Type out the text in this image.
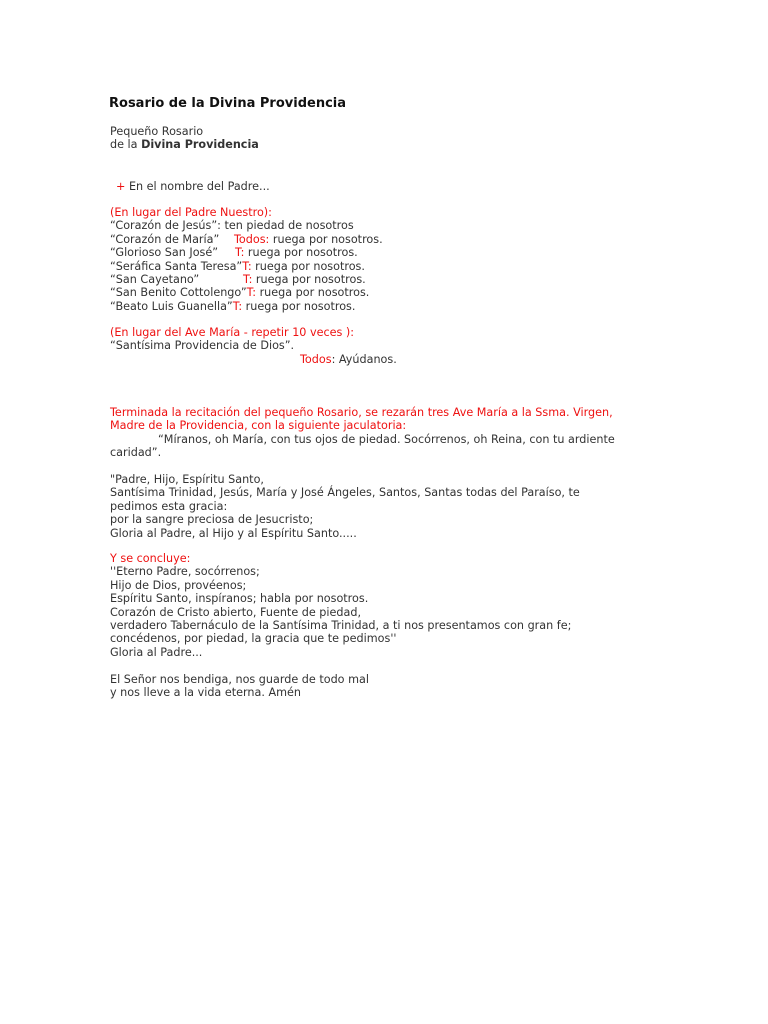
Rosario de la Divina Providencia
Pequeño Rosario
de la Divina Providencia
+ En el nombre del Padre...
(En lugar del Padre Nuestro):
“Corazón de Jesús”: ten piedad de nosotros
“Corazón de María” Todos: ruega por nosotros.
“Glorioso San José” T: ruega por nosotros.
“Seráfica Santa Teresa”T: ruega por nosotros.
“San Cayetano”	T: ruega por nosotros.
“San Benito Cottolengo”T: ruega por nosotros.
“Beato Luis Guanella”T: ruega por nosotros.
(En lugar del Ave María - repetir 10 veces ):
“Santísima Providencia de Dios”.
Todos: Ayúdanos.
Terminada la recitación del pequeño Rosario, se rezarán tres Ave María a la Ssma. Virgen,
Madre de la Providencia, con la siguiente jaculatoria:
“Míranos, oh María, con tus ojos de piedad. Socórrenos, oh Reina, con tu ardiente
caridad”.
"Padre, Hijo, Espíritu Santo,
Santísima Trinidad, Jesús, María y José Ángeles, Santos, Santas todas del Paraíso, te
pedimos esta gracia:
por la sangre preciosa de Jesucristo;
Gloria al Padre, al Hijo y al Espíritu Santo.....
Y se concluye:
''Eterno Padre, socórrenos;
Hijo de Dios, provéenos;
Espíritu Santo, inspíranos; habla por nosotros.
Corazón de Cristo abierto, Fuente de piedad,
verdadero Tabernáculo de la Santísima Trinidad, a ti nos presentamos con gran fe;
concédenos, por piedad, la gracia que te pedimos''
Gloria al Padre...
El Señor nos bendiga, nos guarde de todo mal
y nos lleve a la vida eterna. Amén
